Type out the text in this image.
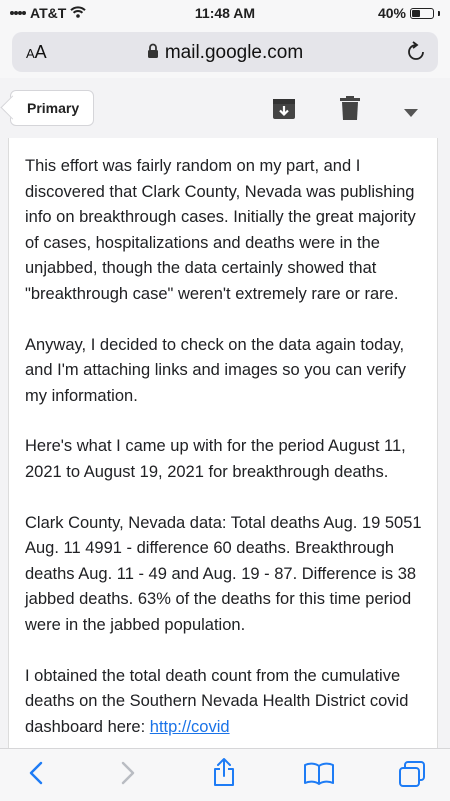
AT&T	11:48 AM	40%
AA	mail.google.com
Primary

This effort was fairly random on my part, and I discovered that Clark County, Nevada was publishing info on breakthrough cases. Initially the great majority of cases, hospitalizations and deaths were in the unjabbed, though the data certainly showed that "breakthrough case" weren't extremely rare or rare.

Anyway, I decided to check on the data again today, and I'm attaching links and images so you can verify my information.

Here's what I came up with for the period August 11, 2021 to August 19, 2021 for breakthrough deaths.

Clark County, Nevada data: Total deaths Aug. 19 5051 Aug. 11 4991 - difference 60 deaths. Breakthrough deaths Aug. 11 - 49 and Aug. 19 - 87. Difference is 38 jabbed deaths. 63% of the deaths for this time period were in the jabbed population.

I obtained the total death count from the cumulative deaths on the Southern Nevada Health District covid dashboard here: http://covid
